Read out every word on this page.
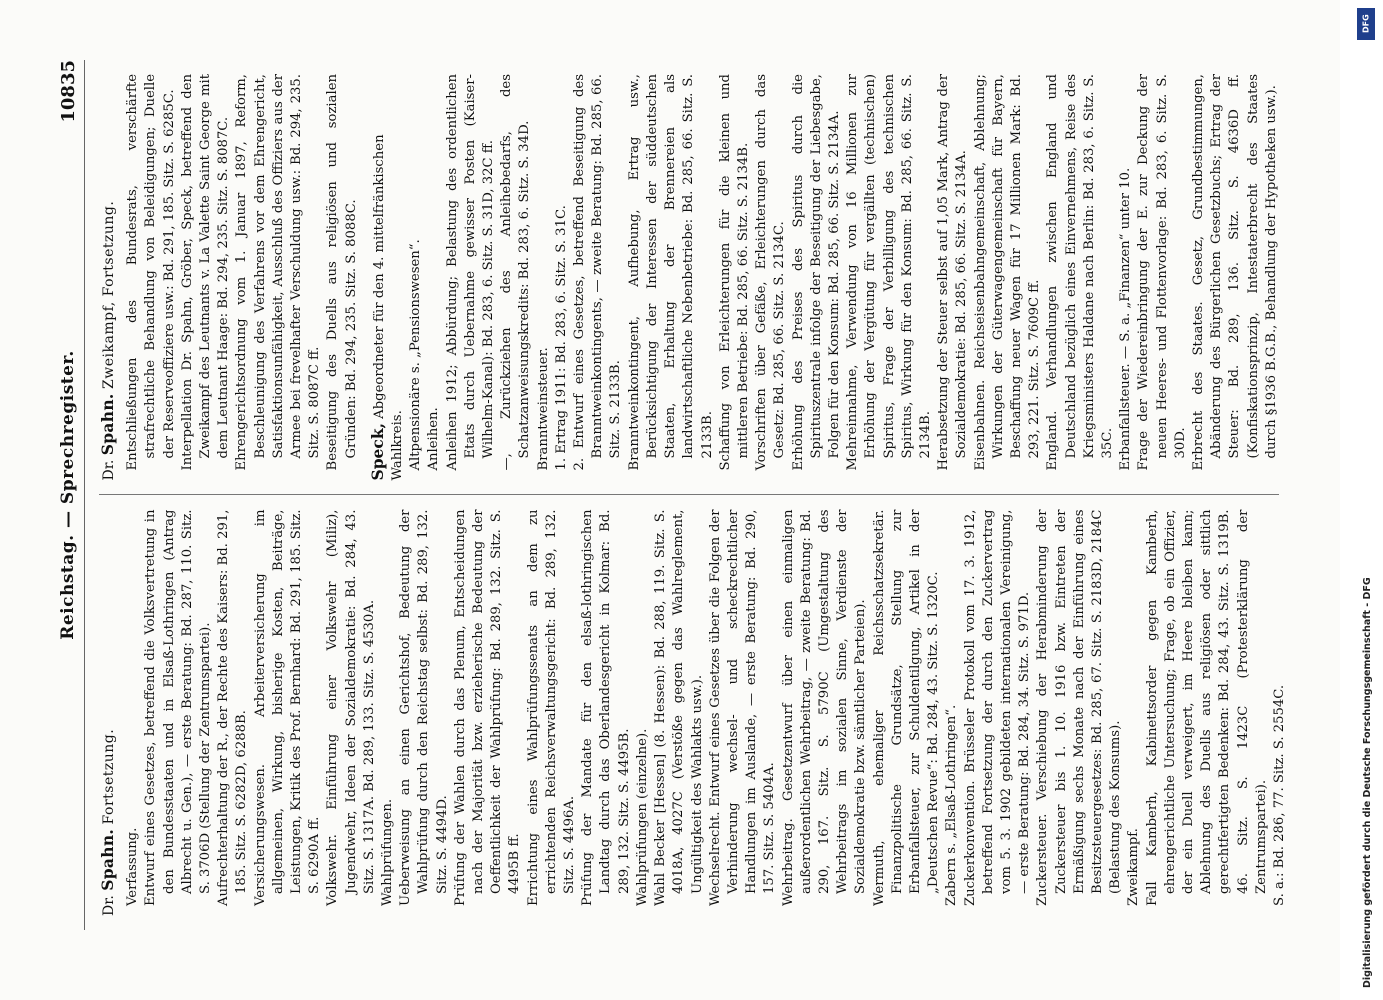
Reichstag. — Sprechregister.
10835
Dr. Spahn. Fortsetzung.
Verfassung. Entwurf eines Gesetzes, betreffend die Volksvertretung in den Bundesstaaten und in Elsaß-Lothringen (Antrag Albrecht u. Gen.), — erste Beratung: Bd. 287, 110. Sitz. S. 3706D (Stellung der Zentrumspartei). Aufrechterhaltung der R., der Rechte des Kaisers: Bd. 291, 185. Sitz. S. 6282D, 6288B. Versicherungswesen. Arbeiterversicherung im allgemeinen, Wirkung, bisherige Kosten, Beiträge, Leistungen, Kritik des Prof. Bernhard: Bd. 291, 185. Sitz. S. 6290A ff. Volkswehr. Einführung einer Volkswehr (Miliz), Jugendwehr, Ideen der Sozialdemokratie: Bd. 284, 43. Sitz. S. 1317A. Bd. 289, 133. Sitz. S. 4530A. Wahlprüfungen. Ueberweisung an einen Gerichtshof, Bedeutung der Wahlprüfung durch den Reichstag selbst: Bd. 289, 132. Sitz. S. 4494D. Prüfung der Wahlen durch das Plenum, Entscheidungen nach der Majorität bzw. erzieherische Bedeutung der Oeffentlichkeit der Wahlprüfung: Bd. 289, 132. Sitz. S. 4495B ff. Errichtung eines Wahlprüfungssenats an dem zu errichtenden Reichsverwaltungsgericht: Bd. 289, 132. Sitz. S. 4496A. Prüfung der Mandate für den elsaß-lothringischen Landtag durch das Oberlandesgericht in Kolmar: Bd. 289, 132. Sitz. S. 4495B. Wahlprüfungen (einzelne). Wahl Becker [Hessen] (8. Hessen): Bd. 288, 119. Sitz. S. 4018A, 4027C (Verstöße gegen das Wahlreglement, Ungültigkeit des Wahlakts usw.). Wechselrecht. Entwurf eines Gesetzes über die Folgen der Verhinderung wechsel- und scheckrechtlicher Handlungen im Auslande, — erste Beratung: Bd. 290, 157. Sitz. S. 5404A. Wehrbeitrag. Gesetzentwurf über einen einmaligen außerordentlichen Wehrbeitrag, — zweite Beratung: Bd. 290, 167. Sitz. S. 5790C (Umgestaltung des Wehrbeitrags im sozialen Sinne, Verdienste der Sozialdemokratie bzw. sämtlicher Parteien). Wermuth, ehemaliger Reichsschatzsekretär. Finanzpolitische Grundsätze, Stellung zur Erbanfallsteuer, zur Schuldentilgung, Artikel in der „Deutschen Revue“: Bd. 284, 43. Sitz. S. 1320C. Zabern s. „Elsaß-Lothringen“. Zuckerkonvention. Brüsseler Protokoll vom 17. 3. 1912, betreffend Fortsetzung der durch den Zuckervertrag vom 5. 3. 1902 gebildeten internationalen Vereinigung, — erste Beratung: Bd. 284, 34. Sitz. S. 971D. Zuckersteuer. Verschiebung der Herabminderung der Zuckersteuer bis 1. 10. 1916 bzw. Eintreten der Ermäßigung sechs Monate nach der Einführung eines Besitzsteuergesetzes: Bd. 285, 67. Sitz. S. 2183D, 2184C (Belastung des Konsums). Zweikampf. Fall Kamberh, Kabinettsorder gegen Kamberh, ehrengerichtliche Untersuchung; Frage, ob ein Offizier, der ein Duell verweigert, im Heere bleiben kann; Ablehnung des Duells aus religiösen oder sittlich gerechtfertigten Bedenken: Bd. 284, 43. Sitz. S. 1319B. 46. Sitz. S. 1423C (Protesterklärung der Zentrumspartei). S. a.: Bd. 286, 77. Sitz. S. 2554C.
Dr. Spahn. Zweikampf, Fortsetzung. Entschließungen des Bundesrats, verschärfte strafrechtliche Behandlung von Beleidigungen; Duelle der Reserveoffiziere usw.: Bd. 291, 185. Sitz. S. 6285C. Interpellation Dr. Spahn, Gröber, Speck, betreffend den Zweikampf des Leutnants v. La Valette Saint George mit dem Leutnant Haage: Bd. 294, 235. Sitz. S. 8087C. Ehrengerichtsordnung vom 1. Januar 1897, Reform, Beschleunigung des Verfahrens vor dem Ehrengericht, Satisfaktionsunfähigkeit, Ausschluß des Offiziers aus der Armee bei frevelhafter Verschuldung usw.: Bd. 294, 235. Sitz. S. 8087C ff. Beseitigung des Duells aus religiösen und sozialen Gründen: Bd. 294, 235. Sitz. S. 8088C. Speck, Abgeordneter für den 4. mittelfränkischen Wahlkreis. Altpensionäre s. „Pensionswesen“. Anleihen. Anleihen 1912; Abbürdung; Belastung des ordentlichen Etats durch Uebernahme gewisser Posten (Kaiser-Wilhelm-Kanal): Bd. 283, 6. Sitz. S. 31D, 32C ff. —, Zurückziehen des Anleihebedarfs, des Schatzanweisungskredits: Bd. 283, 6. Sitz. S. 34D. Branntweinsteuer. 1. Ertrag 1911: Bd. 283, 6. Sitz. S. 31C. 2. Entwurf eines Gesetzes, betreffend Beseitigung des Branntweinkontingents, — zweite Beratung: Bd. 285, 66. Sitz. S. 2133B. Branntweinkontingent, Aufhebung, Ertrag usw., Berücksichtigung der Interessen der süddeutschen Staaten, Erhaltung der Brennereien als landwirtschaftliche Nebenbetriebe: Bd. 285, 66. Sitz. S. 2133B. Schaffung von Erleichterungen für die kleinen und mittleren Betriebe: Bd. 285, 66. Sitz. S. 2134B. Vorschriften über Gefäße, Erleichterungen durch das Gesetz: Bd. 285, 66. Sitz. S. 2134C. Erhöhung des Preises des Spiritus durch die Spirituszentrale infolge der Beseitigung der Liebesgabe, Folgen für den Konsum: Bd. 285, 66. Sitz. S. 2134A. Mehreinnahme, Verwendung von 16 Millionen zur Erhöhung der Vergütung für vergällten (technischen) Spiritus, Frage der Verbilligung des technischen Spiritus, Wirkung für den Konsum: Bd. 285, 66. Sitz. S. 2134B. Herabsetzung der Steuer selbst auf 1,05 Mark, Antrag der Sozialdemokratie: Bd. 285, 66. Sitz. S. 2134A. Eisenbahnen. Reichseisenbahngemeinschaft, Ablehnung; Wirkungen der Güterwagengemeinschaft für Bayern, Beschaffung neuer Wagen für 17 Millionen Mark: Bd. 293, 221. Sitz. S. 7609C ff. England. Verhandlungen zwischen England und Deutschland bezüglich eines Einvernehmens, Reise des Kriegsministers Haldane nach Berlin: Bd. 283, 6. Sitz. S. 35C. Erbanfallsteuer. — S. a. „Finanzen“ unter 10. Frage der Wiedereinbringung der E. zur Deckung der neuen Heeres- und Flottenvorlage: Bd. 283, 6. Sitz. S. 30D. Erbrecht des Staates. Gesetz, Grundbestimmungen, Abänderung des Bürgerlichen Gesetzbuchs; Ertrag der Steuer: Bd. 289, 136. Sitz. S. 4636D ff. (Konfiskationsprinzip, Intestaterbrecht des Staates durch §1936 B.G.B., Behandlung der Hypotheken usw.).
DFG
Digitalisierung gefördert durch die Deutsche Forschungsgemeinschaft - DFG
